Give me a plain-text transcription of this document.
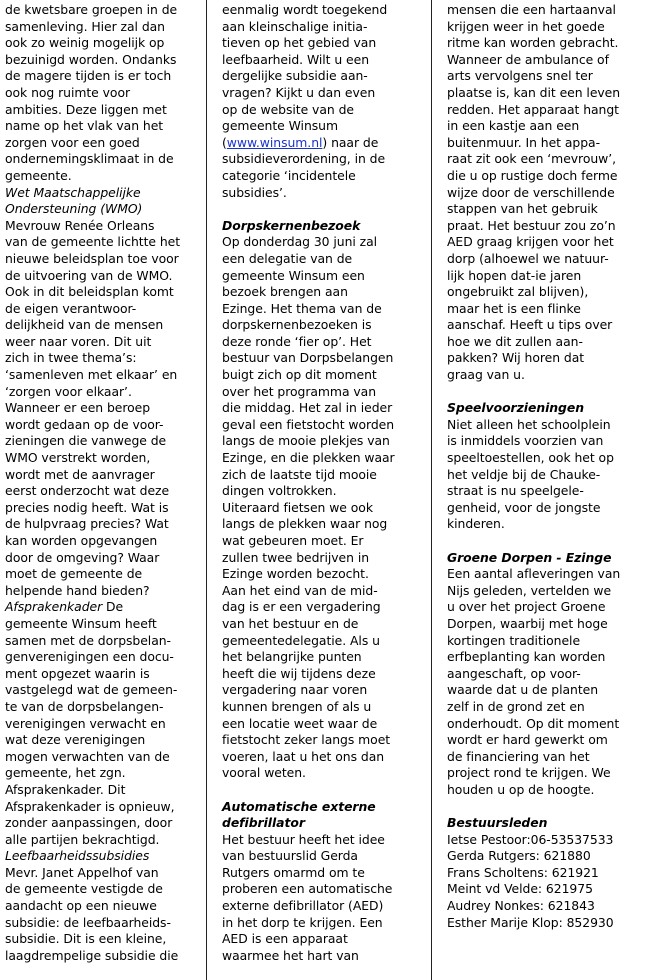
de kwetsbare groepen in de
samenleving. Hier zal dan
ook zo weinig mogelijk op
bezuinigd worden. Ondanks
de magere tijden is er toch
ook nog ruimte voor
ambities. Deze liggen met
name op het vlak van het
zorgen voor een goed
ondernemingsklimaat in de
gemeente.
Wet Maatschappelijke
Ondersteuning (WMO)
Mevrouw Renée Orleans
van de gemeente lichtte het
nieuwe beleidsplan toe voor
de uitvoering van de WMO.
Ook in dit beleidsplan komt
de eigen verantwoor-
delijkheid van de mensen
weer naar voren. Dit uit
zich in twee thema’s:
‘samenleven met elkaar’ en
‘zorgen voor elkaar’.
Wanneer er een beroep
wordt gedaan op de voor-
zieningen die vanwege de
WMO verstrekt worden,
wordt met de aanvrager
eerst onderzocht wat deze
precies nodig heeft. Wat is
de hulpvraag precies? Wat
kan worden opgevangen
door de omgeving? Waar
moet de gemeente de
helpende hand bieden?
Afsprakenkader De
gemeente Winsum heeft
samen met de dorpsbelan-
genverenigingen een docu-
ment opgezet waarin is
vastgelegd wat de gemeen-
te van de dorpsbelangen-
verenigingen verwacht en
wat deze verenigingen
mogen verwachten van de
gemeente, het zgn.
Afsprakenkader. Dit
Afsprakenkader is opnieuw,
zonder aanpassingen, door
alle partijen bekrachtigd.
Leefbaarheidssubsidies
Mevr. Janet Appelhof van
de gemeente vestigde de
aandacht op een nieuwe
subsidie: de leefbaarheids-
subsidie. Dit is een kleine,
laagdrempelige subsidie die
eenmalig wordt toegekend
aan kleinschalige initia-
tieven op het gebied van
leefbaarheid. Wilt u een
dergelijke subsidie aan-
vragen? Kijkt u dan even
op de website van de
gemeente Winsum
(www.winsum.nl) naar de
subsidieverordening, in de
categorie ‘incidentele
subsidies’.
Dorpskernenbezoek
Op donderdag 30 juni zal
een delegatie van de
gemeente Winsum een
bezoek brengen aan
Ezinge. Het thema van de
dorpskernenbezoeken is
deze ronde ‘fier op’. Het
bestuur van Dorpsbelangen
buigt zich op dit moment
over het programma van
die middag. Het zal in ieder
geval een fietstocht worden
langs de mooie plekjes van
Ezinge, en die plekken waar
zich de laatste tijd mooie
dingen voltrokken.
Uiteraard fietsen we ook
langs de plekken waar nog
wat gebeuren moet. Er
zullen twee bedrijven in
Ezinge worden bezocht.
Aan het eind van de mid-
dag is er een vergadering
van het bestuur en de
gemeentedelegatie. Als u
het belangrijke punten
heeft die wij tijdens deze
vergadering naar voren
kunnen brengen of als u
een locatie weet waar de
fietstocht zeker langs moet
voeren, laat u het ons dan
vooral weten.
Automatische externe
defibrillator
Het bestuur heeft het idee
van bestuurslid Gerda
Rutgers omarmd om te
proberen een automatische
externe defibrillator (AED)
in het dorp te krijgen. Een
AED is een apparaat
waarmee het hart van
mensen die een hartaanval
krijgen weer in het goede
ritme kan worden gebracht.
Wanneer de ambulance of
arts vervolgens snel ter
plaatse is, kan dit een leven
redden. Het apparaat hangt
in een kastje aan een
buitenmuur. In het appa-
raat zit ook een ‘mevrouw’,
die u op rustige doch ferme
wijze door de verschillende
stappen van het gebruik
praat. Het bestuur zou zo’n
AED graag krijgen voor het
dorp (alhoewel we natuur-
lijk hopen dat-ie jaren
ongebruikt zal blijven),
maar het is een flinke
aanschaf. Heeft u tips over
hoe we dit zullen aan-
pakken? Wij horen dat
graag van u.
Speelvoorzieningen
Niet alleen het schoolplein
is inmiddels voorzien van
speeltoestellen, ook het op
het veldje bij de Chauke-
straat is nu speelgele-
genheid, voor de jongste
kinderen.
Groene Dorpen - Ezinge
Een aantal afleveringen van
Nijs geleden, vertelden we
u over het project Groene
Dorpen, waarbij met hoge
kortingen traditionele
erfbeplanting kan worden
aangeschaft, op voor-
waarde dat u de planten
zelf in de grond zet en
onderhoudt. Op dit moment
wordt er hard gewerkt om
de financiering van het
project rond te krijgen. We
houden u op de hoogte.
Bestuursleden
Ietse Pestoor:06-53537533
Gerda Rutgers: 621880
Frans Scholtens: 621921
Meint vd Velde: 621975
Audrey Nonkes: 621843
Esther Marije Klop: 852930
